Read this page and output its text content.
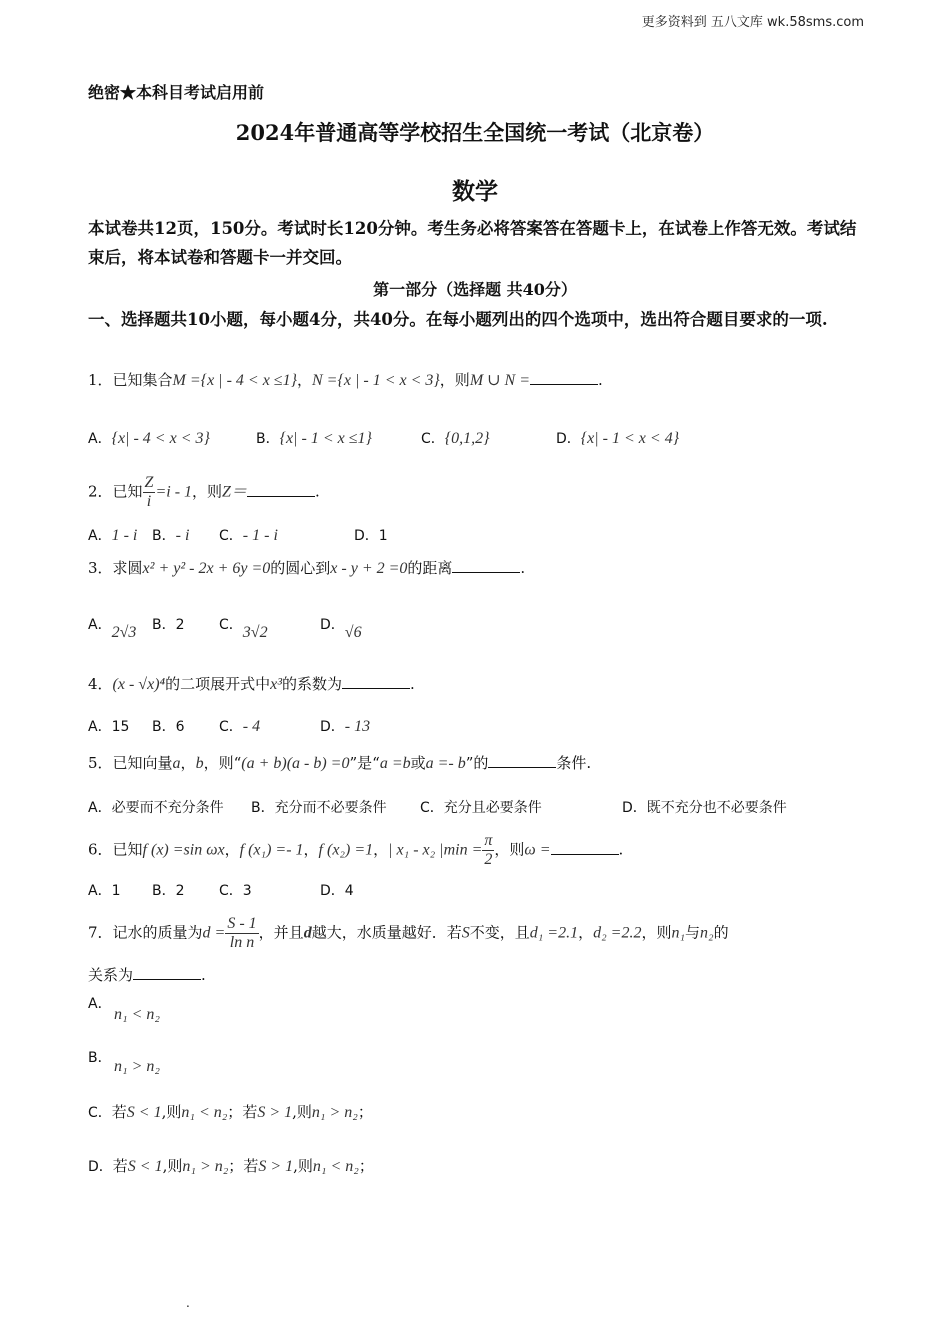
更多资料到 五八文库 wk.58sms.com
绝密★本科目考试启用前
2024年普通高等学校招生全国统一考试（北京卷）
数学
本试卷共12页，150分。考试时长120分钟。考生务必将答案答在答题卡上，在试卷上作答无效。考试结束后，将本试卷和答题卡一并交回。
第一部分（选择题 共40分）
一、选择题共10小题，每小题4分，共40分。在每小题列出的四个选项中，选出符合题目要求的一项.
1．已知集合M ={x | - 4 < x ≤1}，N ={x | - 1 < x < 3}，则M ∪ N =	.
A．{x| - 4 < x < 3}	B．{x| - 1 < x ≤1}	C．{0,1,2}	D．{x| - 1 < x < 4}
2．已知 $\frac{Z}{i} =i - 1$，则Z＝	.
A．1 - i B．- i C．- 1 - i	D．1
3．求圆x² + y² - 2x + 6y =0的圆心到x - y + 2 =0的距离	.
A．2√3 B．2 C．3√2	D．√6
4．(x - √x)⁴的二项展开式中x³的系数为	.
A．15 B．6 C．- 4	D．- 13
5．已知向量a，b，则“(a + b)(a - b) =0”是“a =b或a =- b”的	条件.
A．必要而不充分条件 B．充分而不必要条件 C．充分且必要条件	D．既不充分也不必要条件
6．已知f (x) =sin ωx，f (x₁) =- 1，f (x₂) =1，| x₁ - x₂ $|\min = \frac{\pi}{2}$ ，则ω =	.
A．1 B．2 C．3	D．4
7．记水的质量为$d = \frac{S - 1}{\text{ln n}}$ ，并且d越大，水质量越好．若S不变，且d₁ =2.1，d₂ =2.2，则n₁与n₂的
关系为	.
A．
n₁ < n₂
B． n₁ > n₂
C．若S < 1,则n₁ < n₂；若S > 1,则n₁ > n₂；
D．若S < 1,则n₁ > n₂；若S > 1,则n₁ < n₂；
.
